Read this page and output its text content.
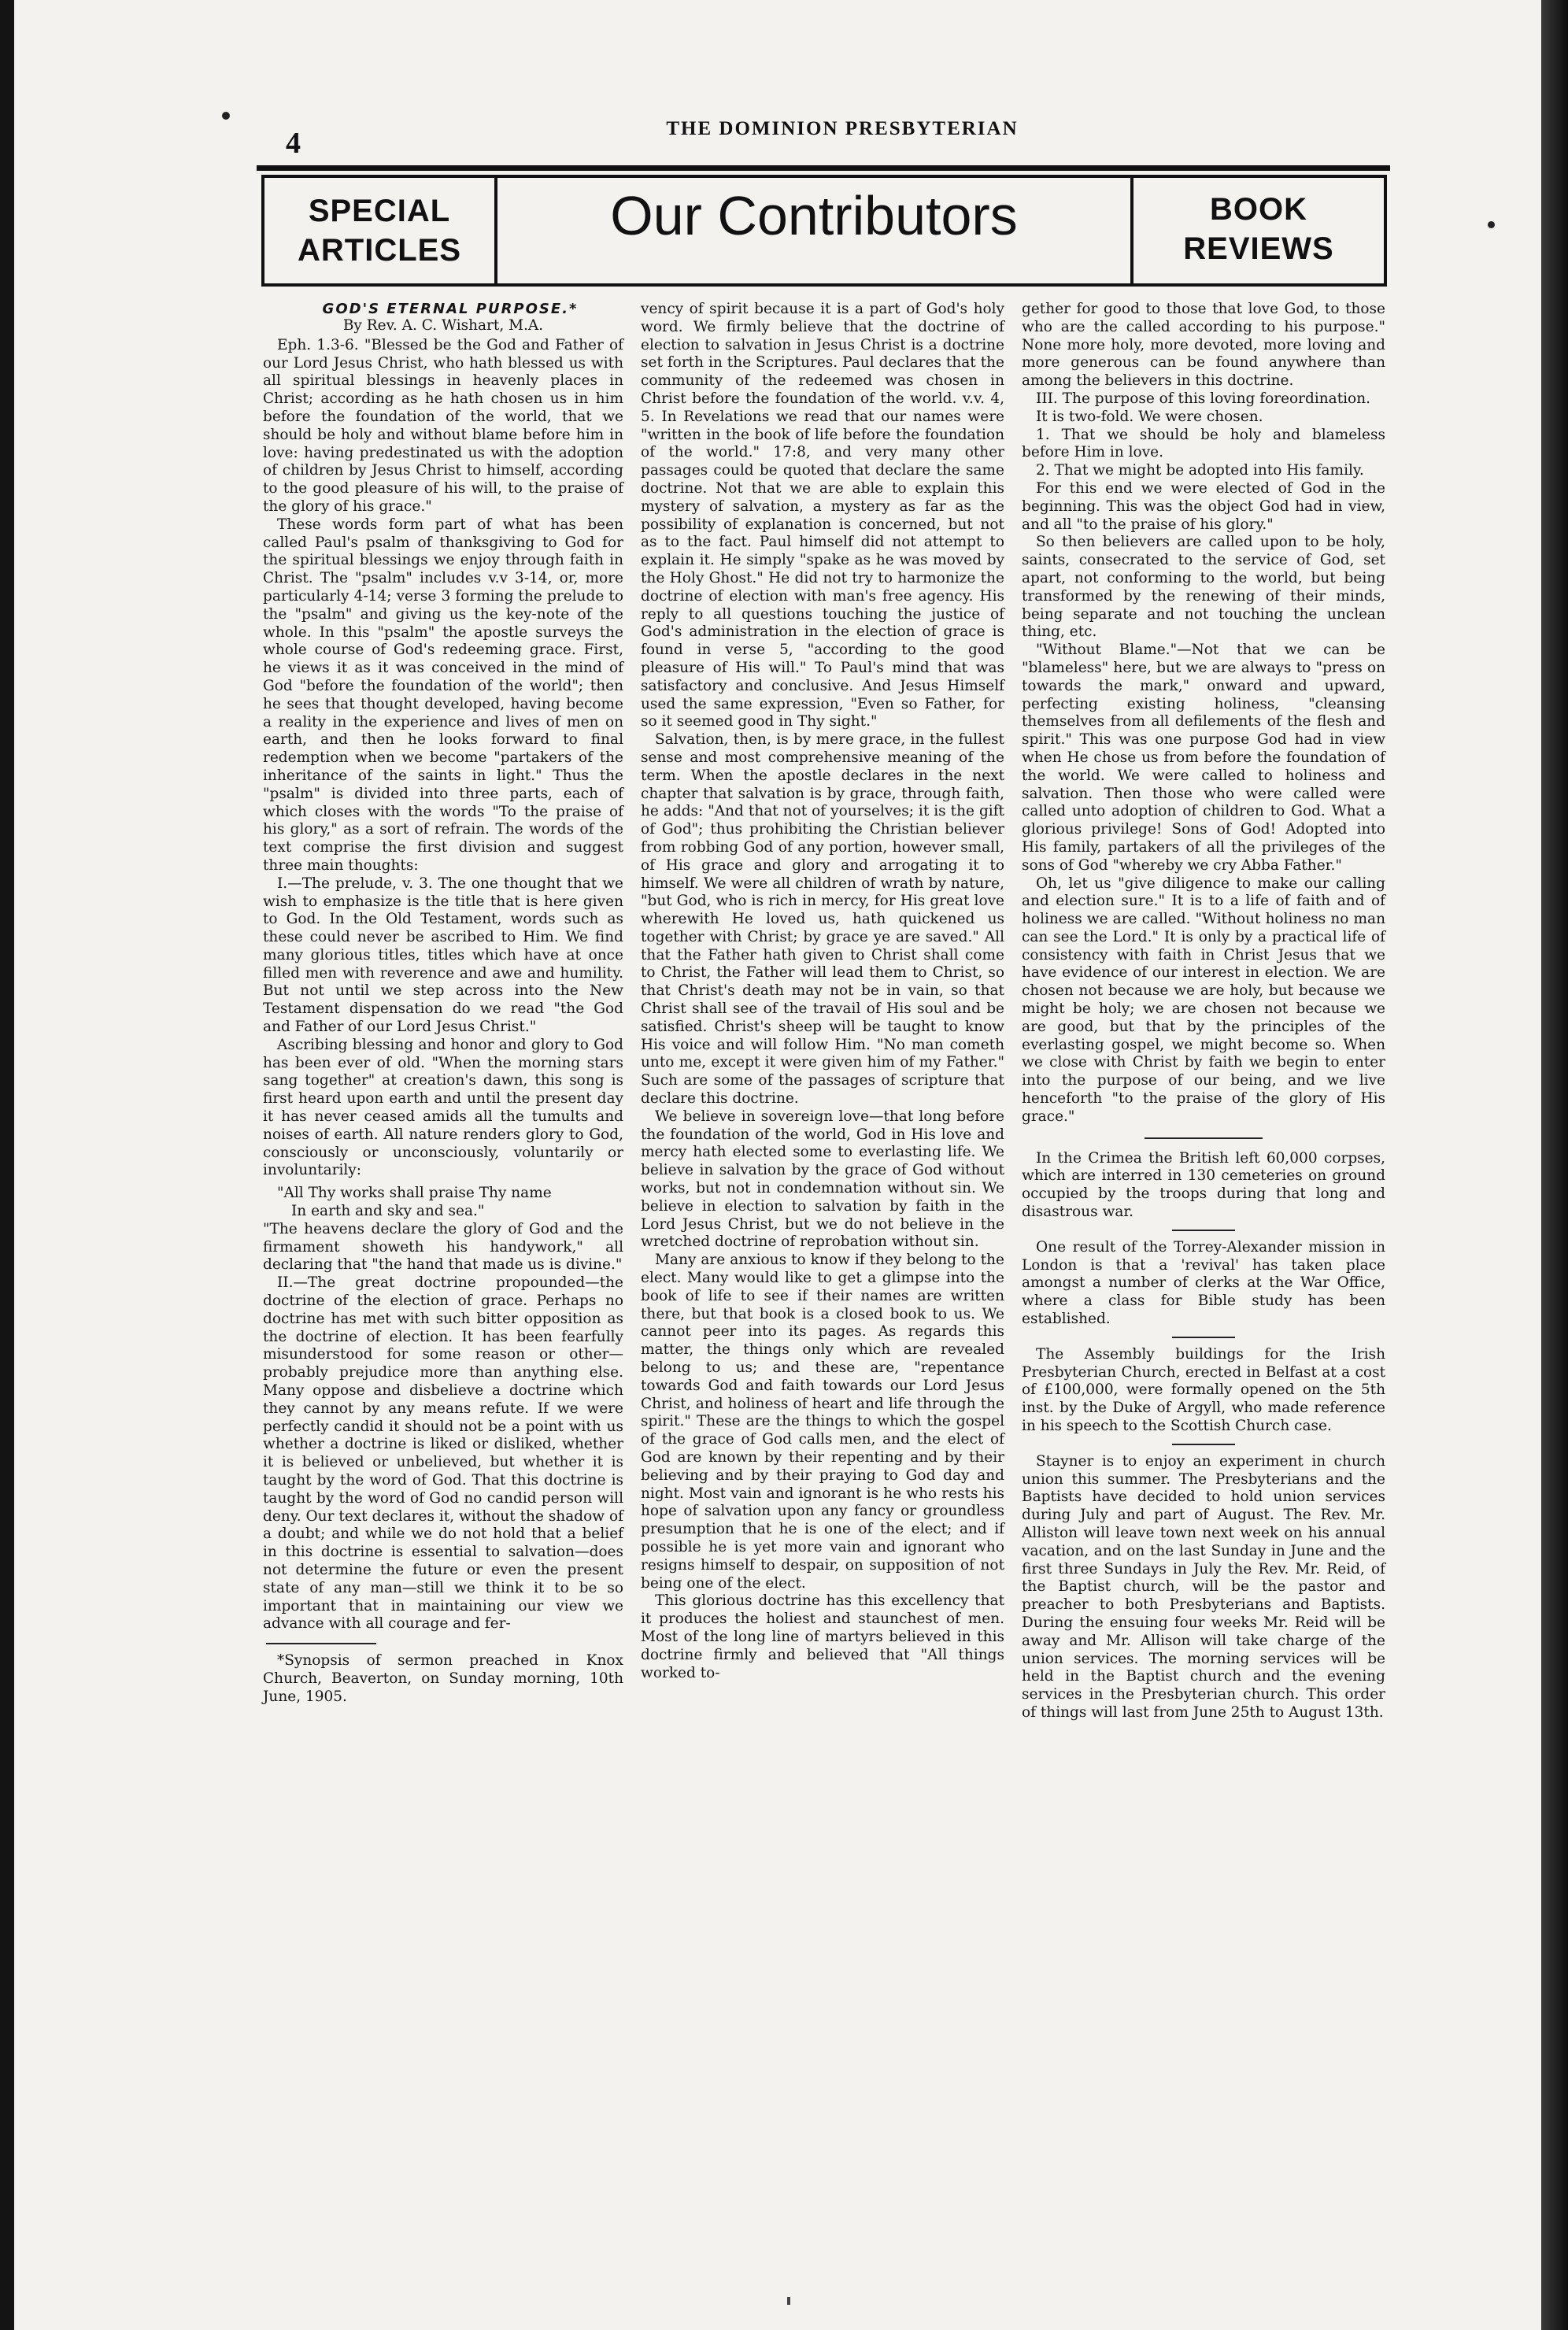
4	THE DOMINION PRESBYTERIAN
SPECIAL
ARTICLES
Our Contributors	BOOK
REVIEWS

GOD'S ETERNAL PURPOSE.*

By Rev. A. C. Wishart, M.A.

Eph. 1.3-6. "Blessed be the God and Father of our Lord Jesus Christ, who hath blessed us with all spiritual blessings in heavenly places in Christ; according as he hath chosen us in him before the foundation of the world, that we should be holy and without blame before him in love: having predestinated us with the adoption of children by Jesus Christ to himself, according to the good pleasure of his will, to the praise of the glory of his grace."

These words form part of what has been called Paul's psalm of thanksgiving to God for the spiritual blessings we enjoy through faith in Christ. The "psalm" includes v.v 3-14, or, more particularly 4-14; verse 3 forming the prelude to the "psalm" and giving us the key-note of the whole. In this "psalm" the apostle surveys the whole course of God's redeeming grace. First, he views it as it was conceived in the mind of God "before the foundation of the world"; then he sees that thought developed, having become a reality in the experience and lives of men on earth, and then he looks forward to final redemption when we become "partakers of the inheritance of the saints in light." Thus the "psalm" is divided into three parts, each of which closes with the words "To the praise of his glory," as a sort of refrain. The words of the text comprise the first division and suggest three main thoughts:

I.—The prelude, v. 3. The one thought that we wish to emphasize is the title that is here given to God. In the Old Testament, words such as these could never be ascribed to Him. We find many glorious titles, titles which have at once filled men with reverence and awe and humility. But not until we step across into the New Testament dispensation do we read "the God and Father of our Lord Jesus Christ."

Ascribing blessing and honor and glory to God has been ever of old. "When the morning stars sang together" at creation's dawn, this song is first heard upon earth and until the present day it has never ceased amids all the tumults and noises of earth. All nature renders glory to God, consciously or unconsciously, voluntarily or involuntarily:

"All Thy works shall praise Thy name

In earth and sky and sea."

"The heavens declare the glory of God and the firmament showeth his handywork," all declaring that "the hand that made us is divine."

II.—The great doctrine propounded—the doctrine of the election of grace. Perhaps no doctrine has met with such bitter opposition as the doctrine of election. It has been fearfully misunderstood for some reason or other—probably prejudice more than anything else. Many oppose and disbelieve a doctrine which they cannot by any means refute. If we were perfectly candid it should not be a point with us whether a doctrine is liked or disliked, whether it is believed or unbelieved, but whether it is taught by the word of God. That this doctrine is taught by the word of God no candid person will deny. Our text declares it, without the shadow of a doubt; and while we do not hold that a belief in this doctrine is essential to salvation—does not determine the future or even the present state of any man—still we think it to be so important that in maintaining our view we advance with all courage and fer-

*Synopsis of sermon preached in Knox Church, Beaverton, on Sunday morning, 10th June, 1905.

vency of spirit because it is a part of God's holy word. We firmly believe that the doctrine of election to salvation in Jesus Christ is a doctrine set forth in the Scriptures. Paul declares that the community of the redeemed was chosen in Christ before the foundation of the world. v.v. 4, 5. In Revelations we read that our names were "written in the book of life before the foundation of the world." 17:8, and very many other passages could be quoted that declare the same doctrine. Not that we are able to explain this mystery of salvation, a mystery as far as the possibility of explanation is concerned, but not as to the fact. Paul himself did not attempt to explain it. He simply "spake as he was moved by the Holy Ghost." He did not try to harmonize the doctrine of election with man's free agency. His reply to all questions touching the justice of God's administration in the election of grace is found in verse 5, "according to the good pleasure of His will." To Paul's mind that was satisfactory and conclusive. And Jesus Himself used the same expression, "Even so Father, for so it seemed good in Thy sight."

Salvation, then, is by mere grace, in the fullest sense and most comprehensive meaning of the term. When the apostle declares in the next chapter that salvation is by grace, through faith, he adds: "And that not of yourselves; it is the gift of God"; thus prohibiting the Christian believer from robbing God of any portion, however small, of His grace and glory and arrogating it to himself. We were all children of wrath by nature, "but God, who is rich in mercy, for His great love wherewith He loved us, hath quickened us together with Christ; by grace ye are saved." All that the Father hath given to Christ shall come to Christ, the Father will lead them to Christ, so that Christ's death may not be in vain, so that Christ shall see of the travail of His soul and be satisfied. Christ's sheep will be taught to know His voice and will follow Him. "No man cometh unto me, except it were given him of my Father." Such are some of the passages of scripture that declare this doctrine.

We believe in sovereign love—that long before the foundation of the world, God in His love and mercy hath elected some to everlasting life. We believe in salvation by the grace of God without works, but not in condemnation without sin. We believe in election to salvation by faith in the Lord Jesus Christ, but we do not believe in the wretched doctrine of reprobation without sin.

Many are anxious to know if they belong to the elect. Many would like to get a glimpse into the book of life to see if their names are written there, but that book is a closed book to us. We cannot peer into its pages. As regards this matter, the things only which are revealed belong to us; and these are, "repentance towards God and faith towards our Lord Jesus Christ, and holiness of heart and life through the spirit." These are the things to which the gospel of the grace of God calls men, and the elect of God are known by their repenting and by their believing and by their praying to God day and night. Most vain and ignorant is he who rests his hope of salvation upon any fancy or groundless presumption that he is one of the elect; and if possible he is yet more vain and ignorant who resigns himself to despair, on supposition of not being one of the elect.

This glorious doctrine has this excellency that it produces the holiest and staunchest of men. Most of the long line of martyrs believed in this doctrine firmly and believed that "All things worked to-

gether for good to those that love God, to those who are the called according to his purpose." None more holy, more devoted, more loving and more generous can be found anywhere than among the believers in this doctrine.

III. The purpose of this loving foreordination.

It is two-fold. We were chosen.

1. That we should be holy and blameless before Him in love.

2. That we might be adopted into His family.

For this end we were elected of God in the beginning. This was the object God had in view, and all "to the praise of his glory."

So then believers are called upon to be holy, saints, consecrated to the service of God, set apart, not conforming to the world, but being transformed by the renewing of their minds, being separate and not touching the unclean thing, etc.

"Without Blame."—Not that we can be "blameless" here, but we are always to "press on towards the mark," onward and upward, perfecting existing holiness, "cleansing themselves from all defilements of the flesh and spirit." This was one purpose God had in view when He chose us from before the foundation of the world. We were called to holiness and salvation. Then those who were called were called unto adoption of children to God. What a glorious privilege! Sons of God! Adopted into His family, partakers of all the privileges of the sons of God "whereby we cry Abba Father."

Oh, let us "give diligence to make our calling and election sure." It is to a life of faith and of holiness we are called. "Without holiness no man can see the Lord." It is only by a practical life of consistency with faith in Christ Jesus that we have evidence of our interest in election. We are chosen not because we are holy, but because we might be holy; we are chosen not because we are good, but that by the principles of the everlasting gospel, we might become so. When we close with Christ by faith we begin to enter into the purpose of our being, and we live henceforth "to the praise of the glory of His grace."

In the Crimea the British left 60,000 corpses, which are interred in 130 cemeteries on ground occupied by the troops during that long and disastrous war.

One result of the Torrey-Alexander mission in London is that a 'revival' has taken place amongst a number of clerks at the War Office, where a class for Bible study has been established.

The Assembly buildings for the Irish Presbyterian Church, erected in Belfast at a cost of £100,000, were formally opened on the 5th inst. by the Duke of Argyll, who made reference in his speech to the Scottish Church case.

Stayner is to enjoy an experiment in church union this summer. The Presbyterians and the Baptists have decided to hold union services during July and part of August. The Rev. Mr. Alliston will leave town next week on his annual vacation, and on the last Sunday in June and the first three Sundays in July the Rev. Mr. Reid, of the Baptist church, will be the pastor and preacher to both Presbyterians and Baptists. During the ensuing four weeks Mr. Reid will be away and Mr. Allison will take charge of the union services. The morning services will be held in the Baptist church and the evening services in the Presbyterian church. This order of things will last from June 25th to August 13th.
